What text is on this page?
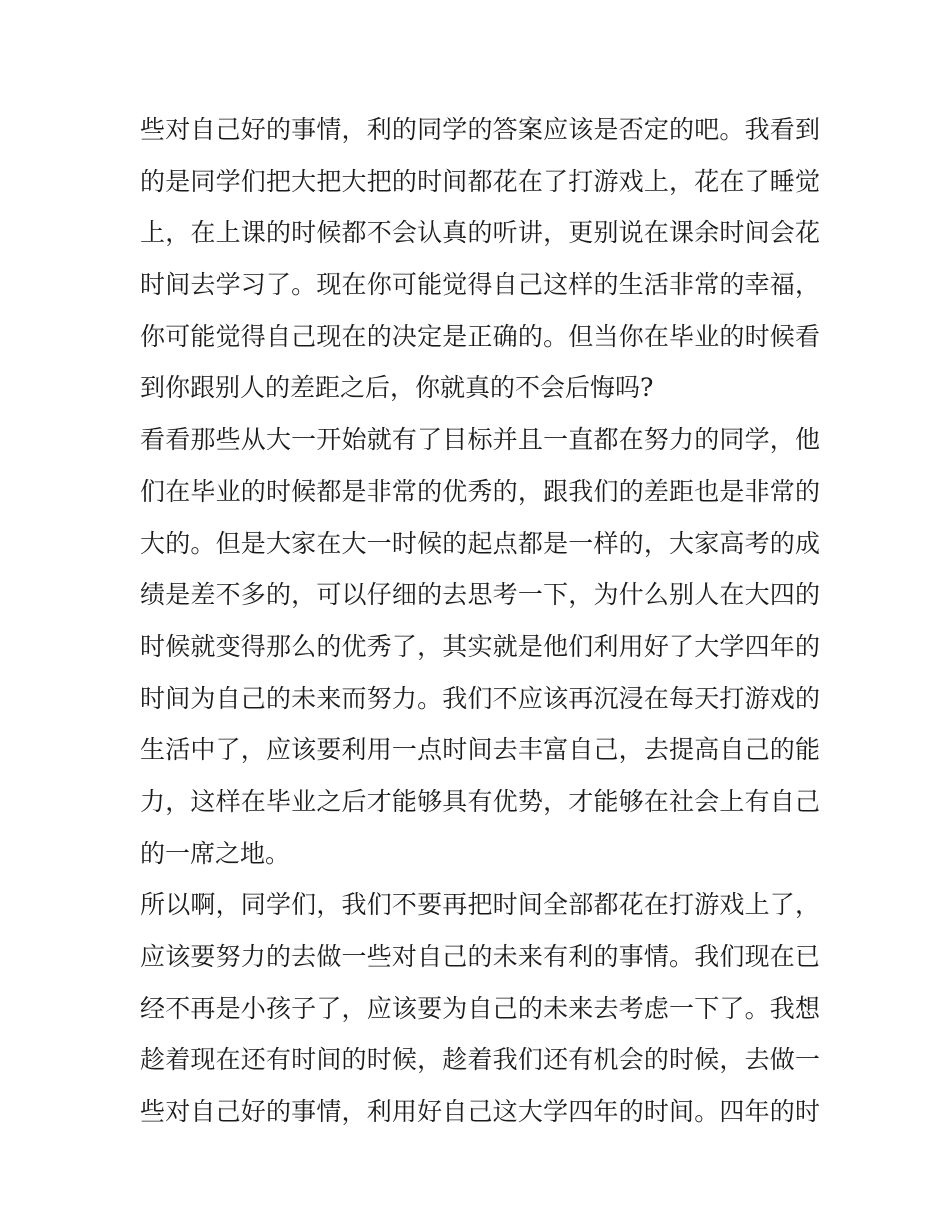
些对自己好的事情，利的同学的答案应该是否定的吧。我看到
的是同学们把大把大把的时间都花在了打游戏上，花在了睡觉
上，在上课的时候都不会认真的听讲，更别说在课余时间会花
时间去学习了。现在你可能觉得自己这样的生活非常的幸福，
你可能觉得自己现在的决定是正确的。但当你在毕业的时候看
到你跟别人的差距之后，你就真的不会后悔吗?
看看那些从大一开始就有了目标并且一直都在努力的同学，他
们在毕业的时候都是非常的优秀的，跟我们的差距也是非常的
大的。但是大家在大一时候的起点都是一样的，大家高考的成
绩是差不多的，可以仔细的去思考一下，为什么别人在大四的
时候就变得那么的优秀了，其实就是他们利用好了大学四年的
时间为自己的未来而努力。我们不应该再沉浸在每天打游戏的
生活中了，应该要利用一点时间去丰富自己，去提高自己的能
力，这样在毕业之后才能够具有优势，才能够在社会上有自己
的一席之地。
所以啊，同学们，我们不要再把时间全部都花在打游戏上了，
应该要努力的去做一些对自己的未来有利的事情。我们现在已
经不再是小孩子了，应该要为自己的未来去考虑一下了。我想
趁着现在还有时间的时候，趁着我们还有机会的时候，去做一
些对自己好的事情，利用好自己这大学四年的时间。四年的时
